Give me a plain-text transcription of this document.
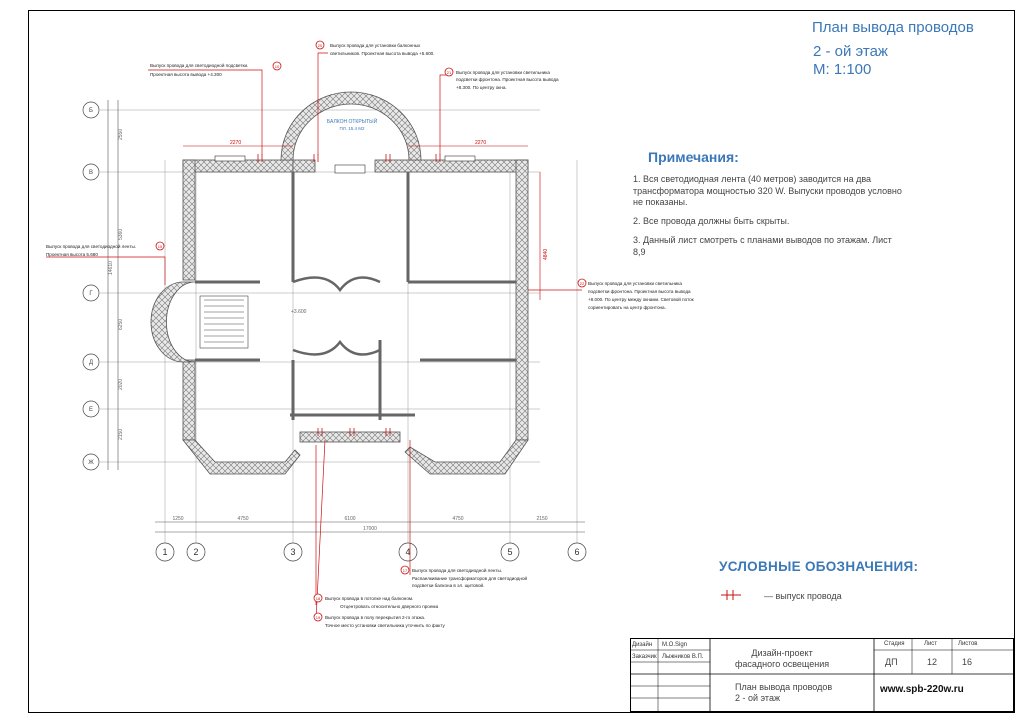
План вывода проводов
2 - ой этаж
М: 1:100
Примечания:
1. Вся светодиодная лента (40 метров) заводится на два трансформатора мощностью 320 W. Выпуски проводов условно не показаны.
2. Все провода должны быть скрыты.
3. Данный лист смотреть с планами выводов по этажам. Лист 8,9
УСЛОВНЫЕ ОБОЗНАЧЕНИЯ:
— выпуск провода
2550
5360
6250
2020
2150
14610
Б
В
Г
Д
Е
Ж
БАЛКОН ОТКРЫТЫЙ
ПЛ. 15.4 М2
+3.600
2270	2270
4840
1250	4750	6100	4750	2150
17000
1	2	3	4	5	6
10
20
21
15
22
17
18
19
Выпуск провода для светодиодной подсветки.
Проектная высота вывода +4.300
Выпуск провода для установки балконных
светильников. Проектная высота вывода +5.600.
Выпуск провода для установки светильника
подсветки фронтона. Проектная высота вывода
+8.300. По центру окна.
Выпуск провода для светодиодной ленты.
Проектная высота 5.680
Выпуск провода для установки светильника
подсветки фронтона. Проектная высота вывода
+8.000. По центру между окнами. Световой поток
сориентировать на центр фронтона.
Выпуск провода для светодиодной ленты.
Распаелкивание трансформаторов для светодиодной
подсветки балкона в эл. щитовой.
Выпуск провода в потолке над балконом.
Отцентровать относительно дверного проема
Выпуск провода в полу перекрытия 2-го этажа.
Точное место установки светильника уточнить по факту
Дизайн М.О.Sign
Заказчик Лыжников В.П.	Дизайн-проект
фасадного освещения
Стадия	Лист	Листов
ДП	12	16
План вывода проводов
2 - ой этаж
www.spb-220w.ru
